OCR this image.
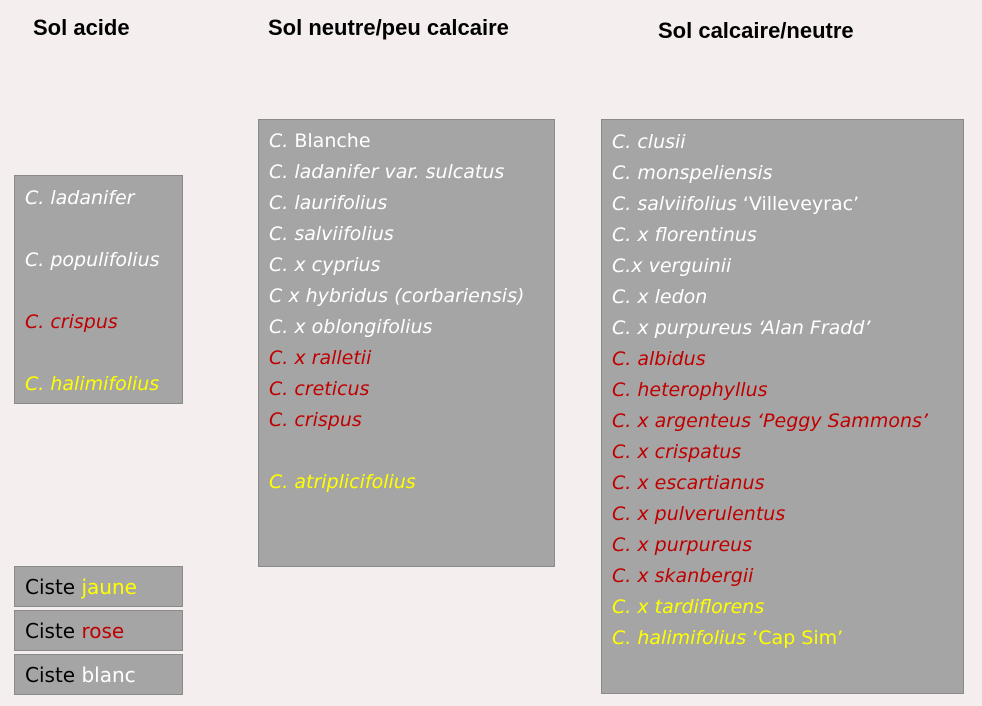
Sol acide	Sol neutre/peu calcaire	Sol calcaire/neutre
C. ladanifer
C. populifolius
C. crispus
C. halimifolius
C. Blanche
C. ladanifer var. sulcatus
C. laurifolius
C. salviifolius
C. x cyprius
C x hybridus (corbariensis)
C. x oblongifolius
C. x ralletii
C. creticus
C. crispus
C. atriplicifolius
C. clusii
C. monspeliensis
C. salviifolius ‘Villeveyrac’
C. x florentinus
C.x verguinii
C. x ledon
C. x purpureus ‘Alan Fradd’
C. albidus
C. heterophyllus
C. x argenteus ‘Peggy Sammons’
C. x crispatus
C. x escartianus
C. x pulverulentus
C. x purpureus
C. x skanbergii
C. x tardiflorens
C. halimifolius ‘Cap Sim’
Ciste jaune
Ciste rose
Ciste blanc
